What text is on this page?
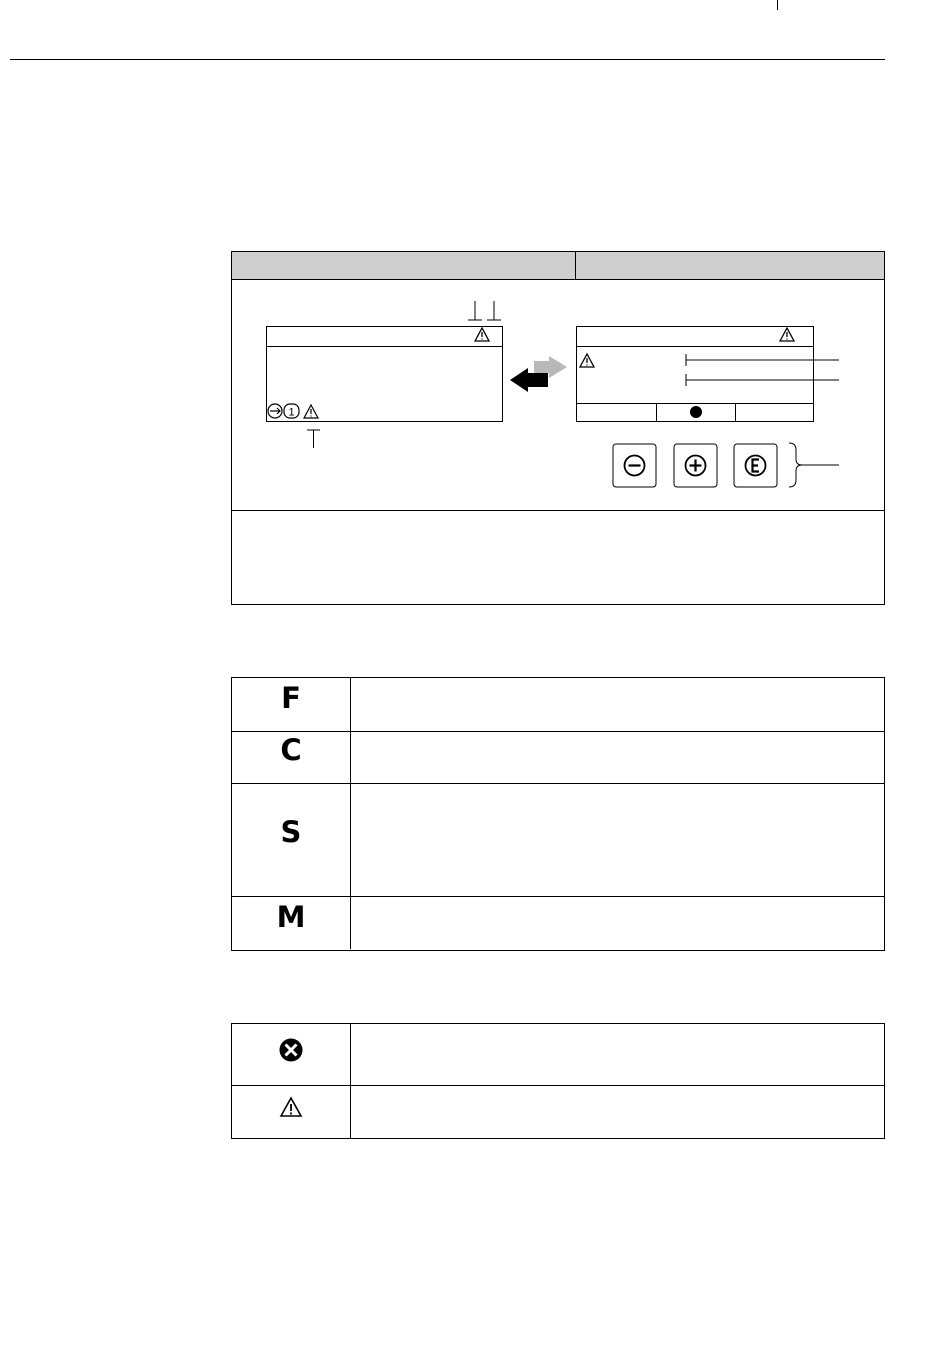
1
F
C
S
M
